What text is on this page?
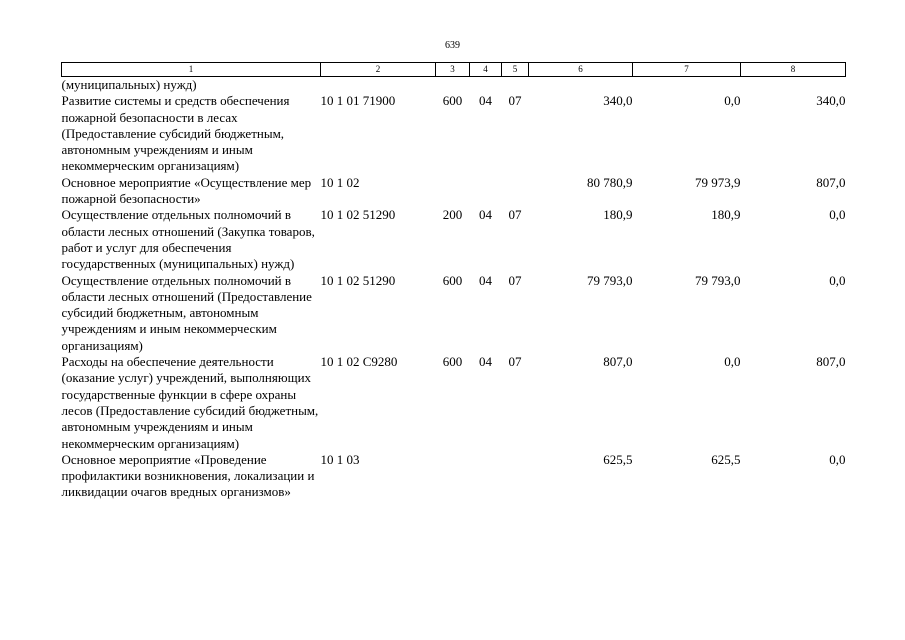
639
1	2	3	4	5	6	7	8
(муниципальных) нужд)							
Развитие системы и средств обеспечения пожарной безопасности в лесах (Предоставление субсидий бюджетным, автономным учреждениям и иным некоммерческим организациям)	10 1 01 71900	600	04	07	340,0	0,0	340,0
Основное мероприятие «Осуществление мер пожарной безопасности»	10 1 02				80 780,9	79 973,9	807,0
Осуществление отдельных полномочий в области лесных отношений (Закупка товаров, работ и услуг для обеспечения государственных (муниципальных) нужд)	10 1 02 51290	200	04	07	180,9	180,9	0,0
Осуществление отдельных полномочий в области лесных отношений (Предоставление субсидий бюджетным, автономным учреждениям и иным некоммерческим организациям)	10 1 02 51290	600	04	07	79 793,0	79 793,0	0,0
Расходы на обеспечение деятельности (оказание услуг) учреждений, выполняющих государственные функции в сфере охраны лесов (Предоставление субсидий бюджетным, автономным учреждениям и иным некоммерческим организациям)	10 1 02 С9280	600	04	07	807,0	0,0	807,0
Основное мероприятие «Проведение профилактики возникновения, локализации и ликвидации очагов вредных организмов»	10 1 03				625,5	625,5	0,0
